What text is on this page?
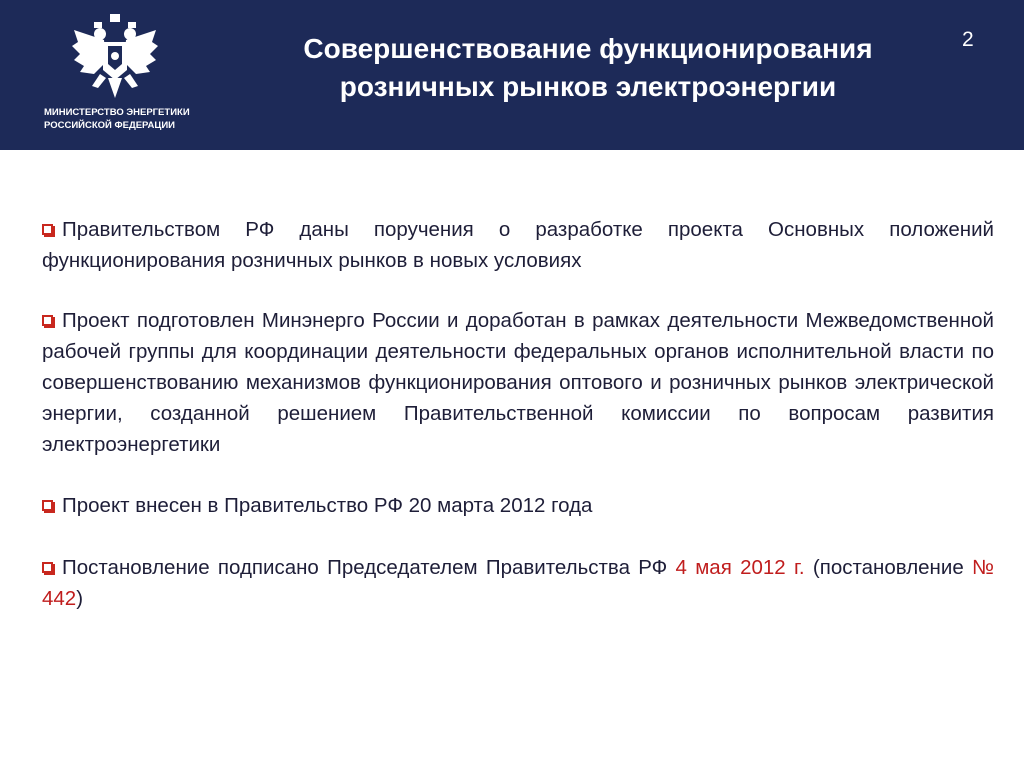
МИНИСТЕРСТВО ЭНЕРГЕТИКИ
РОССИЙСКОЙ ФЕДЕРАЦИИ
Совершенствование функционирования
розничных рынков электроэнергии
2

Правительством РФ даны поручения о разработке проекта Основных положений функционирования розничных рынков в новых условиях

Проект подготовлен Минэнерго России и доработан в рамках деятельности Межведомственной рабочей группы для координации деятельности федеральных органов исполнительной власти по совершенствованию механизмов функционирования оптового и розничных рынков электрической энергии, созданной решением Правительственной комиссии по вопросам развития электроэнергетики

Проект внесен в Правительство РФ 20 марта 2012 года

Постановление подписано Председателем Правительства РФ 4 мая 2012 г. (постановление № 442)
